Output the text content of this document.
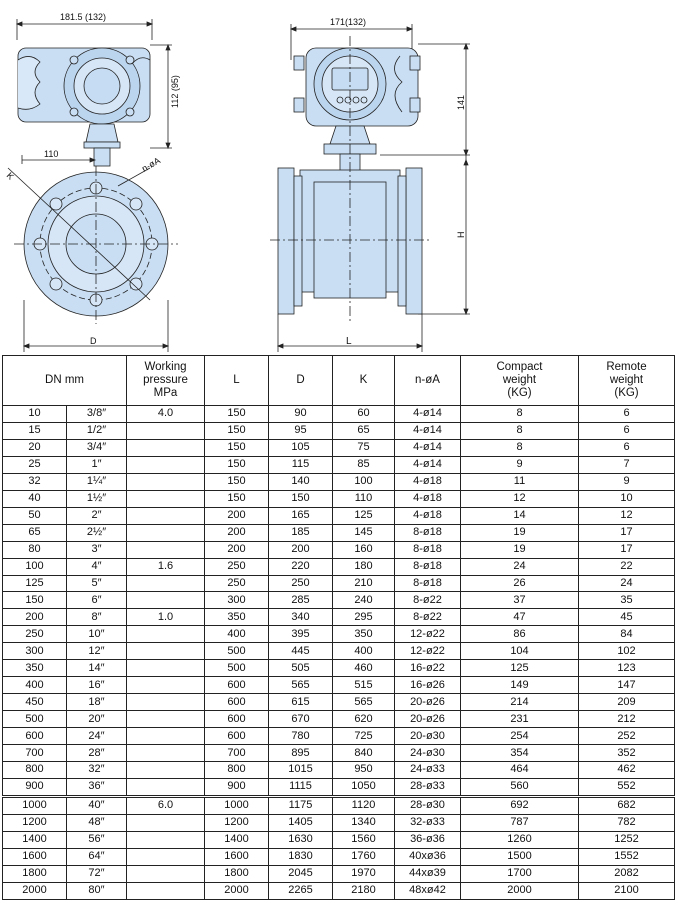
181.5 (132)
112 (95)
110
n-øA
K
D
171(132)
141
H
L
DN mm		Working
pressure
MPa	L	D	K	n-øA	Compact
weight
(KG)	Remote
weight
(KG)

10	3/8″	4.0	150	90	60	4-ø14	8	6
15	1/2″		150	95	65	4-ø14	8	6
20	3/4″		150	105	75	4-ø14	8	6
25	1″		150	115	85	4-ø14	9	7
32	1¼″		150	140	100	4-ø18	11	9
40	1½″		150	150	110	4-ø18	12	10
50	2″		200	165	125	4-ø18	14	12
65	2½″		200	185	145	8-ø18	19	17
80	3″		200	200	160	8-ø18	19	17
100	4″	1.6	250	220	180	8-ø18	24	22
125	5″		250	250	210	8-ø18	26	24
150	6″		300	285	240	8-ø22	37	35
200	8″	1.0	350	340	295	8-ø22	47	45
250	10″		400	395	350	12-ø22	86	84
300	12″		500	445	400	12-ø22	104	102
350	14″		500	505	460	16-ø22	125	123
400	16″		600	565	515	16-ø26	149	147
450	18″		600	615	565	20-ø26	214	209
500	20″		600	670	620	20-ø26	231	212
600	24″		600	780	725	20-ø30	254	252
700	28″		700	895	840	24-ø30	354	352
800	32″		800	1015	950	24-ø33	464	462
900	36″		900	1115	1050	28-ø33	560	552
1000	40″	6.0	1000	1175	1120	28-ø30	692	682
1200	48″		1200	1405	1340	32-ø33	787	782
1400	56″		1400	1630	1560	36-ø36	1260	1252
1600	64″		1600	1830	1760	40xø36	1500	1552
1800	72″		1800	2045	1970	44xø39	1700	2082
2000	80″		2000	2265	2180	48xø42	2000	2100
